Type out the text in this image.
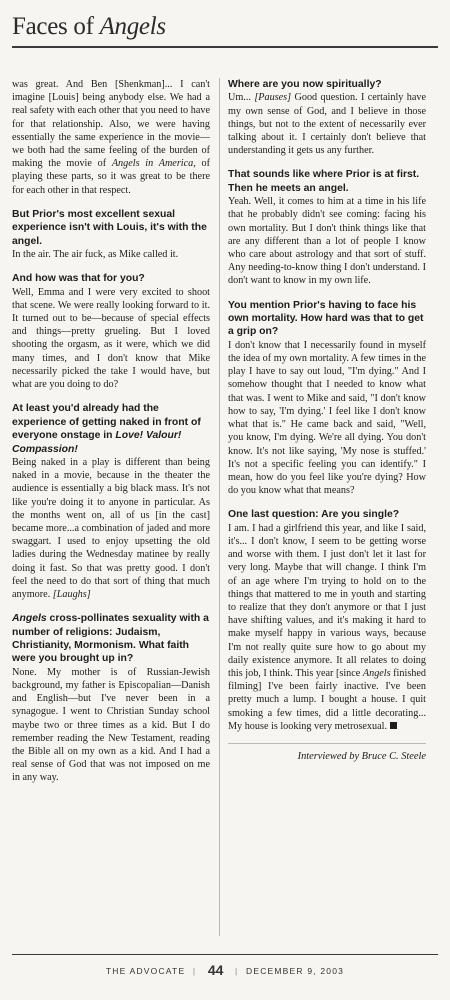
Faces of Angels

was great. And Ben [Shenkman]... I can't imagine [Louis] being anybody else. We had a real safety with each other that you need to have for that relationship. Also, we were having essentially the same experience in the movie—we both had the same feeling of the burden of making the movie of Angels in America, of playing these parts, so it was great to be there for each other in that respect.

But Prior's most excellent sexual experience isn't with Louis, it's with the angel.

In the air. The air fuck, as Mike called it.

And how was that for you?

Well, Emma and I were very excited to shoot that scene. We were really looking forward to it. It turned out to be—because of special effects and things—pretty grueling. But I loved shooting the orgasm, as it were, which we did many times, and I don't know that Mike necessarily picked the take I would have, but what are you doing to do?

At least you'd already had the experience of getting naked in front of everyone onstage in Love! Valour! Compassion!

Being naked in a play is different than being naked in a movie, because in the theater the audience is essentially a big black mass. It's not like you're doing it to anyone in particular. As the months went on, all of us [in the cast] became more...a combination of jaded and more swaggart. I used to enjoy upsetting the old ladies during the Wednesday matinee by really doing it fast. So that was pretty good. I don't feel the need to do that sort of thing that much anymore. [Laughs]

Angels cross-pollinates sexuality with a number of religions: Judaism, Christianity, Mormonism. What faith were you brought up in?

None. My mother is of Russian-Jewish background, my father is Episcopalian—Danish and English—but I've never been in a synagogue. I went to Christian Sunday school maybe two or three times as a kid. But I do remember reading the New Testament, reading the Bible all on my own as a kid. And I had a real sense of God that was not imposed on me in any way.

Where are you now spiritually?

Um... [Pauses] Good question. I certainly have my own sense of God, and I believe in those things, but not to the extent of necessarily ever talking about it. I certainly don't believe that understanding it gets us any further.

That sounds like where Prior is at first. Then he meets an angel.

Yeah. Well, it comes to him at a time in his life that he probably didn't see coming: facing his own mortality. But I don't think things like that are any different than a lot of people I know who care about astrology and that sort of stuff. Any needing-to-know thing I don't understand. I don't want to know in my own life.

You mention Prior's having to face his own mortality. How hard was that to get a grip on?

I don't know that I necessarily found in myself the idea of my own mortality. A few times in the play I have to say out loud, "I'm dying." And I somehow thought that I needed to know what that was. I went to Mike and said, "I don't know how to say, 'I'm dying.' I feel like I don't know what that is." He came back and said, "Well, you know, I'm dying. We're all dying. You don't know. It's not like saying, 'My nose is stuffed.' It's not a specific feeling you can identify." I mean, how do you feel like you're dying? How do you know what that means?

One last question: Are you single?

I am. I had a girlfriend this year, and like I said, it's... I don't know, I seem to be getting worse and worse with them. I just don't let it last for very long. Maybe that will change. I think I'm of an age where I'm trying to hold on to the things that mattered to me in youth and starting to realize that they don't anymore or that I just have shifting values, and it's making it hard to make myself happy in various ways, because I'm not really quite sure how to go about my daily existence anymore. It all relates to doing this job, I think. This year [since Angels finished filming] I've been fairly inactive. I've been pretty much a lump. I bought a house. I quit smoking a few times, did a little decorating... My house is looking very metrosexual.

Interviewed by Bruce C. Steele
THE ADVOCATE | 44 | DECEMBER 9, 2003
